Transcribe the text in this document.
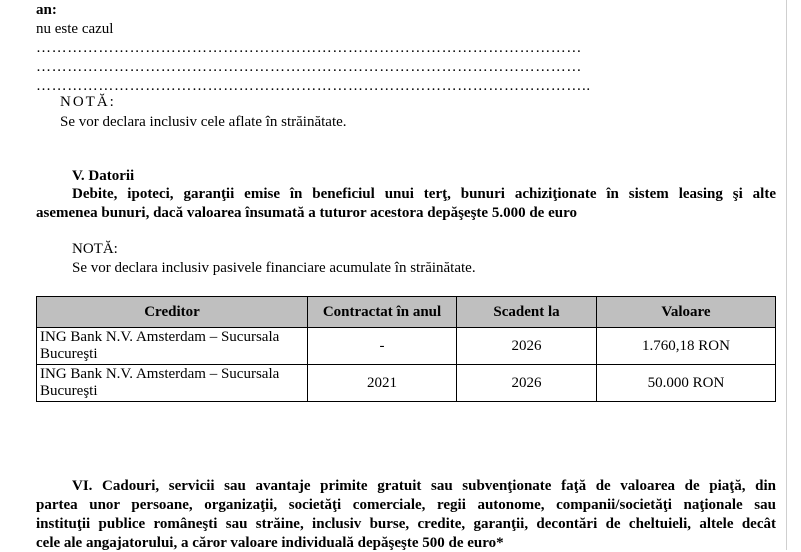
an:
nu este cazul
……………………………………………………………………………………………
……………………………………………………………………………………………
……………………………………………………………………………………………..
NOTĂ:
Se vor declara inclusiv cele aflate în străinătate.
V. Datorii
Debite, ipoteci, garanţii emise în beneficiul unui terţ, bunuri achiziţionate în sistem leasing şi alte
asemenea bunuri, dacă valoarea însumată a tuturor acestora depăşeşte 5.000 de euro
NOTĂ:
Se vor declara inclusiv pasivele financiare acumulate în străinătate.
Creditor	Contractat în anul	Scadent la	Valoare
ING Bank N.V. Amsterdam – Sucursala Bucureşti	-	2026	1.760,18 RON
ING Bank N.V. Amsterdam – Sucursala Bucureşti	2021	2026	50.000 RON
VI. Cadouri, servicii sau avantaje primite gratuit sau subvenţionate faţă de valoarea de piaţă, din
partea unor persoane, organizaţii, societăţi comerciale, regii autonome, companii/societăţi naţionale sau
instituţii publice româneşti sau străine, inclusiv burse, credite, garanţii, decontări de cheltuieli, altele decât
cele ale angajatorului, a căror valoare individuală depăşeşte 500 de euro*
